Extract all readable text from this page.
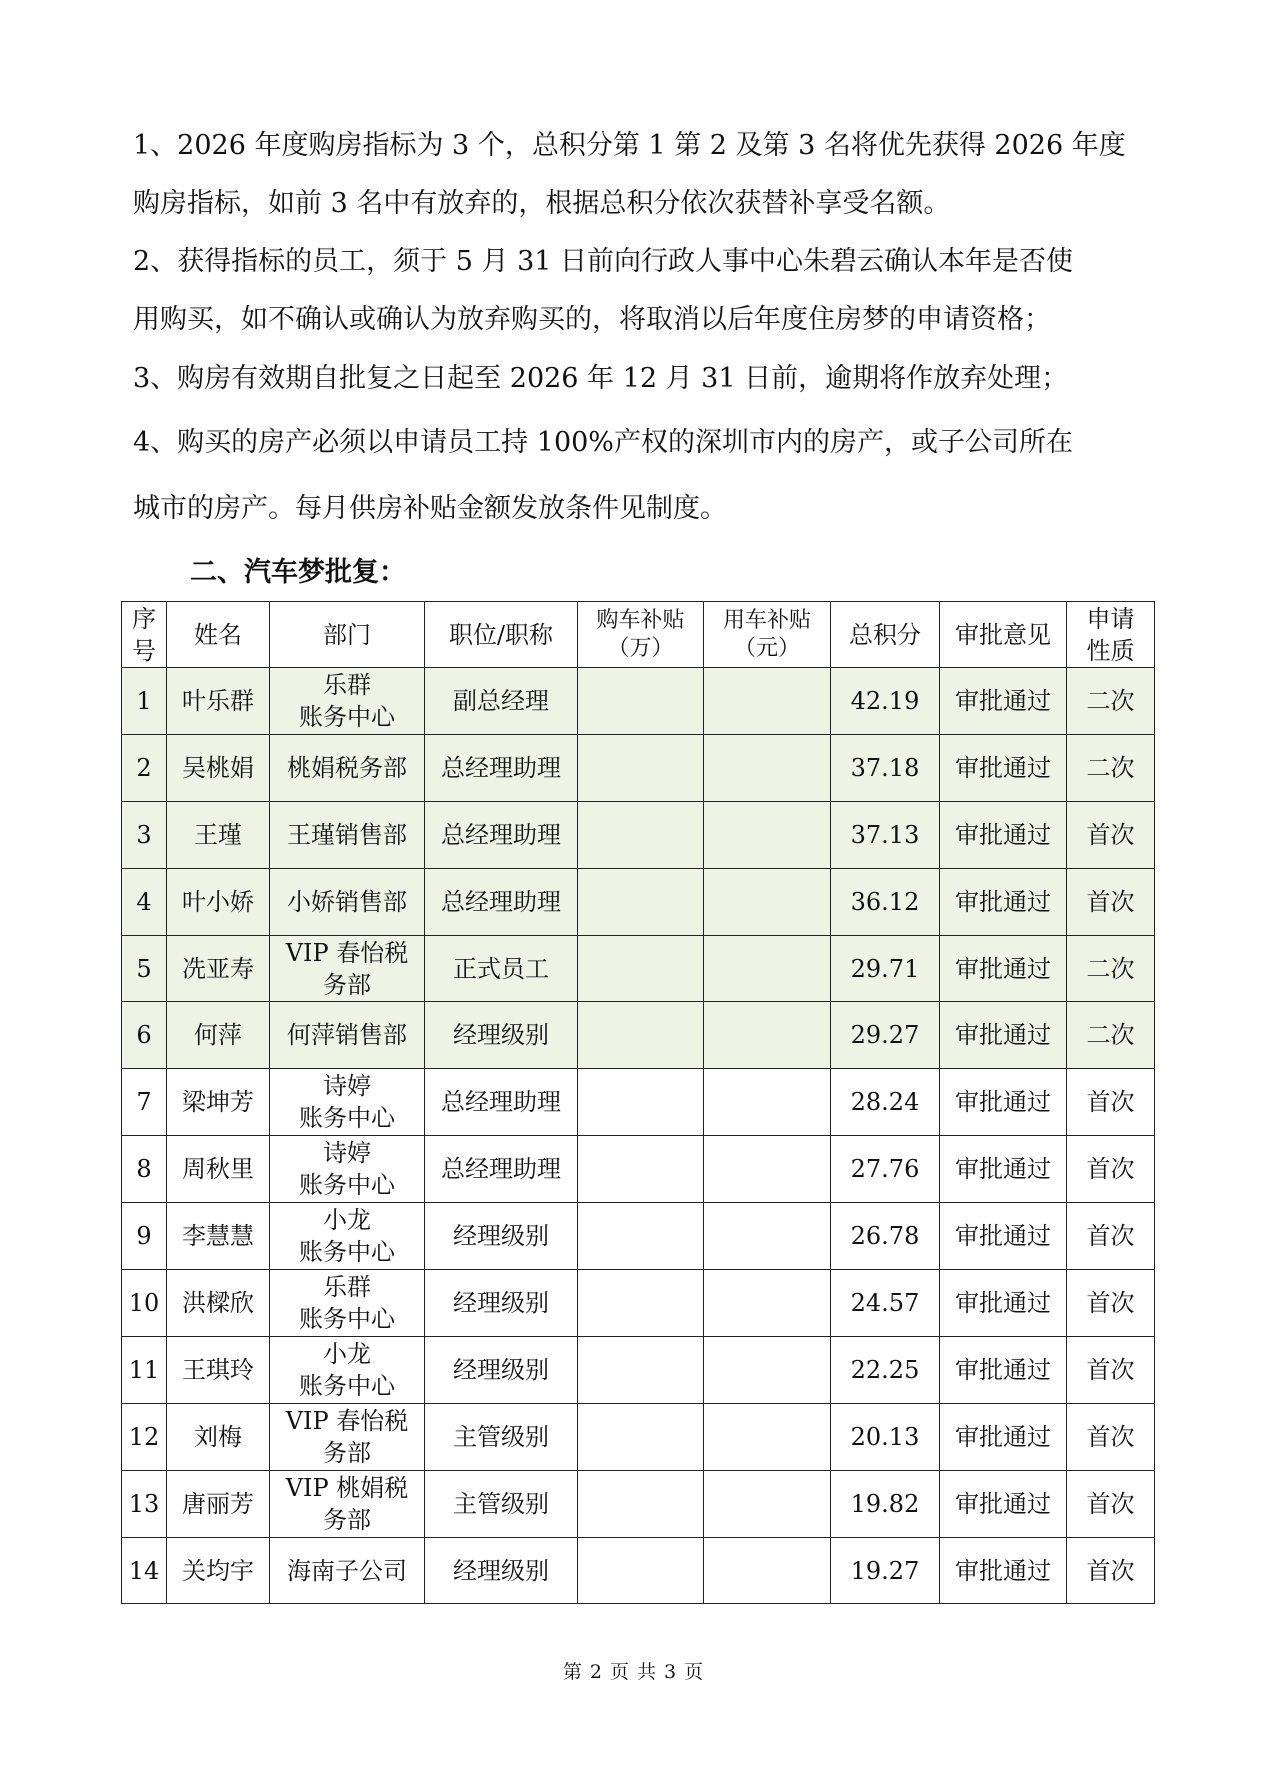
1、2026 年度购房指标为 3 个，总积分第 1 第 2 及第 3 名将优先获得 2026 年度
购房指标，如前 3 名中有放弃的，根据总积分依次获替补享受名额。
2、获得指标的员工，须于 5 月 31 日前向行政人事中心朱碧云确认本年是否使
用购买，如不确认或确认为放弃购买的，将取消以后年度住房梦的申请资格；
3、购房有效期自批复之日起至 2026 年 12 月 31 日前，逾期将作放弃处理；
4、购买的房产必须以申请员工持 100%产权的深圳市内的房产，或子公司所在
城市的房产。每月供房补贴金额发放条件见制度。
二、汽车梦批复：
序
号	姓名	部门	职位/职称	购车补贴
（万）	用车补贴
（元）	总积分	审批意见	申请
性质

1	叶乐群	乐群
账务中心	副总经理			42.19	审批通过	二次
2	吴桃娟	桃娟税务部	总经理助理			37.18	审批通过	二次
3	王瑾	王瑾销售部	总经理助理			37.13	审批通过	首次
4	叶小娇	小娇销售部	总经理助理			36.12	审批通过	首次
5	冼亚寿	VIP 春怡税
务部	正式员工			29.71	审批通过	二次
6	何萍	何萍销售部	经理级别			29.27	审批通过	二次
7	梁坤芳	诗婷
账务中心	总经理助理			28.24	审批通过	首次
8	周秋里	诗婷
账务中心	总经理助理			27.76	审批通过	首次
9	李慧慧	小龙
账务中心	经理级别			26.78	审批通过	首次
10	洪樑欣	乐群
账务中心	经理级别			24.57	审批通过	首次
11	王琪玲	小龙
账务中心	经理级别			22.25	审批通过	首次
12	刘梅	VIP 春怡税
务部	主管级别			20.13	审批通过	首次
13	唐丽芳	VIP 桃娟税
务部	主管级别			19.82	审批通过	首次
14	关均宇	海南子公司	经理级别			19.27	审批通过	首次
第 2 页 共 3 页
